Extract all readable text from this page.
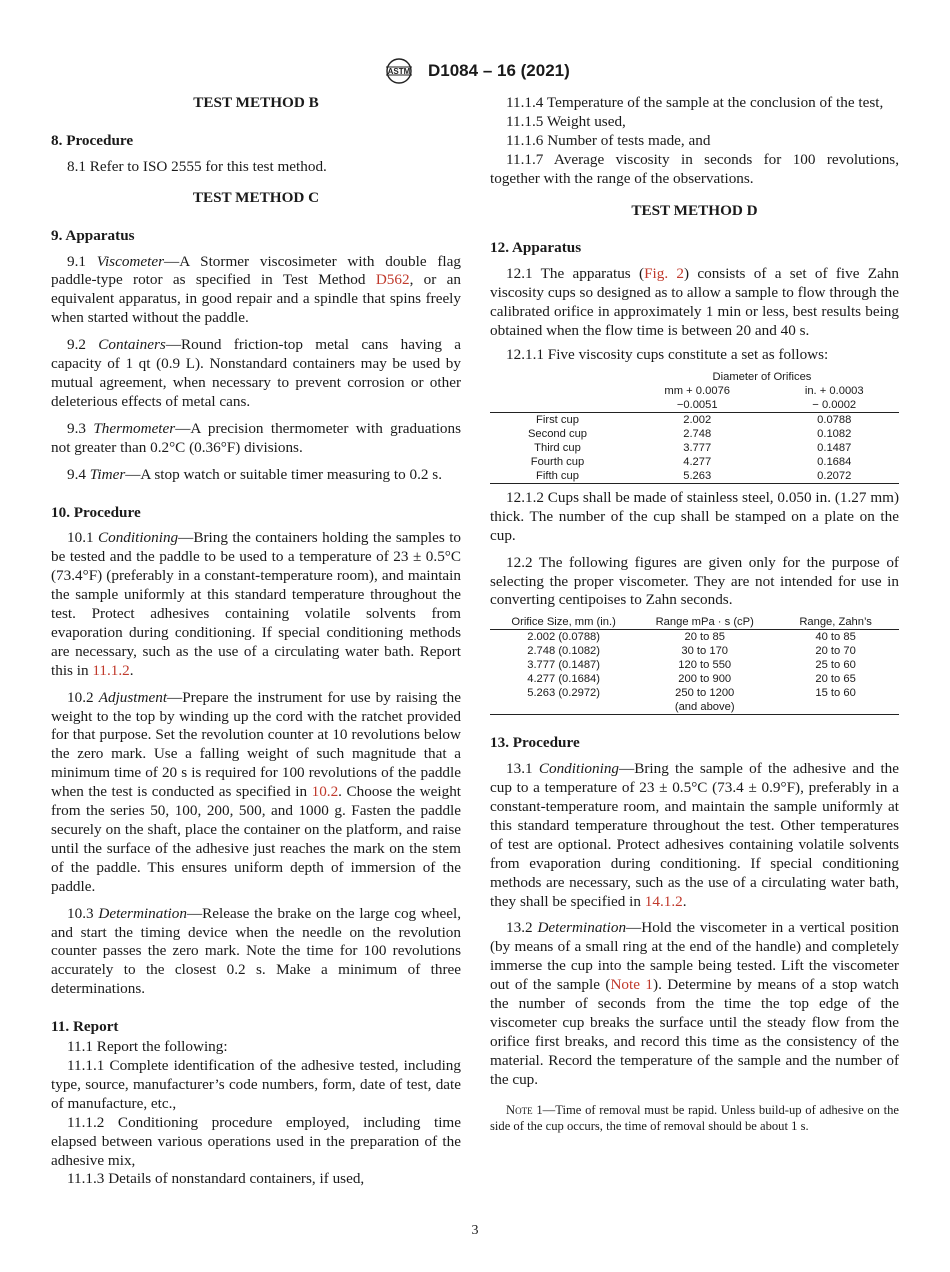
ASTM D1084 – 16 (2021)

TEST METHOD B

8. Procedure

8.1 Refer to ISO 2555 for this test method.

TEST METHOD C

9. Apparatus

9.1 Viscometer—A Stormer viscosimeter with double flag paddle-type rotor as specified in Test Method D562, or an equivalent apparatus, in good repair and a spindle that spins freely when started without the paddle.

9.2 Containers—Round friction-top metal cans having a capacity of 1 qt (0.9 L). Nonstandard containers may be used by mutual agreement, when necessary to prevent corrosion or other deleterious effects of metal cans.

9.3 Thermometer—A precision thermometer with graduations not greater than 0.2°C (0.36°F) divisions.

9.4 Timer—A stop watch or suitable timer measuring to 0.2 s.

10. Procedure

10.1 Conditioning—Bring the containers holding the samples to be tested and the paddle to be used to a temperature of 23 ± 0.5°C (73.4°F) (preferably in a constant-temperature room), and maintain the sample uniformly at this standard temperature throughout the test. Protect adhesives containing volatile solvents from evaporation during conditioning. If special conditioning methods are necessary, such as the use of a circulating water bath. Report this in 11.1.2.

10.2 Adjustment—Prepare the instrument for use by raising the weight to the top by winding up the cord with the ratchet provided for that purpose. Set the revolution counter at 10 revolutions below the zero mark. Use a falling weight of such magnitude that a minimum time of 20 s is required for 100 revolutions of the paddle when the test is conducted as specified in 10.2. Choose the weight from the series 50, 100, 200, 500, and 1000 g. Fasten the paddle securely on the shaft, place the container on the platform, and raise until the surface of the adhesive just reaches the mark on the stem of the paddle. This ensures uniform depth of immersion of the paddle.

10.3 Determination—Release the brake on the large cog wheel, and start the timing device when the needle on the revolution counter passes the zero mark. Note the time for 100 revolutions accurately to the closest 0.2 s. Make a minimum of three determinations.

11. Report

11.1 Report the following:

11.1.1 Complete identification of the adhesive tested, including type, source, manufacturer’s code numbers, form, date of test, date of manufacture, etc.,

11.1.2 Conditioning procedure employed, including time elapsed between various operations used in the preparation of the adhesive mix,

11.1.3 Details of nonstandard containers, if used,

11.1.4 Temperature of the sample at the conclusion of the test,

11.1.5 Weight used,

11.1.6 Number of tests made, and

11.1.7 Average viscosity in seconds for 100 revolutions, together with the range of the observations.

TEST METHOD D

12. Apparatus

12.1 The apparatus (Fig. 2) consists of a set of five Zahn viscosity cups so designed as to allow a sample to flow through the calibrated orifice in approximately 1 min or less, best results being obtained when the flow time is between 20 and 40 s.

12.1.1 Five viscosity cups constitute a set as follows:

	Diameter of Orifices	
	mm + 0.0076	in. + 0.0003
	−0.0051	− 0.0002
First cup	2.002	0.0788
Second cup	2.748	0.1082
Third cup	3.777	0.1487
Fourth cup	4.277	0.1684
Fifth cup	5.263	0.2072

12.1.2 Cups shall be made of stainless steel, 0.050 in. (1.27 mm) thick. The number of the cup shall be stamped on a plate on the cup.

12.2 The following figures are given only for the purpose of selecting the proper viscometer. They are not intended for use in converting centipoises to Zahn seconds.

Orifice Size, mm (in.)	Range mPa · s (cP)	Range, Zahn’s
2.002 (0.0788)	20 to 85	40 to 85
2.748 (0.1082)	30 to 170	20 to 70
3.777 (0.1487)	120 to 550	25 to 60
4.277 (0.1684)	200 to 900	20 to 65
5.263 (0.2972)	250 to 1200	15 to 60
	(and above)	
13. Procedure

13.1 Conditioning—Bring the sample of the adhesive and the cup to a temperature of 23 ± 0.5°C (73.4 ± 0.9°F), preferably in a constant-temperature room, and maintain the sample uniformly at this standard temperature throughout the test. Other temperatures of test are optional. Protect adhesives containing volatile solvents from evaporation during conditioning. If special conditioning methods are necessary, such as the use of a circulating water bath, they shall be specified in 14.1.2.

13.2 Determination—Hold the viscometer in a vertical position (by means of a small ring at the end of the handle) and completely immerse the cup into the sample being tested. Lift the viscometer out of the sample (Note 1). Determine by means of a stop watch the number of seconds from the time the top edge of the viscometer cup breaks the surface until the steady flow from the orifice first breaks, and record this time as the consistency of the material. Record the temperature of the sample and the number of the cup.

Note 1—Time of removal must be rapid. Unless build-up of adhesive on the side of the cup occurs, the time of removal should be about 1 s.

3
